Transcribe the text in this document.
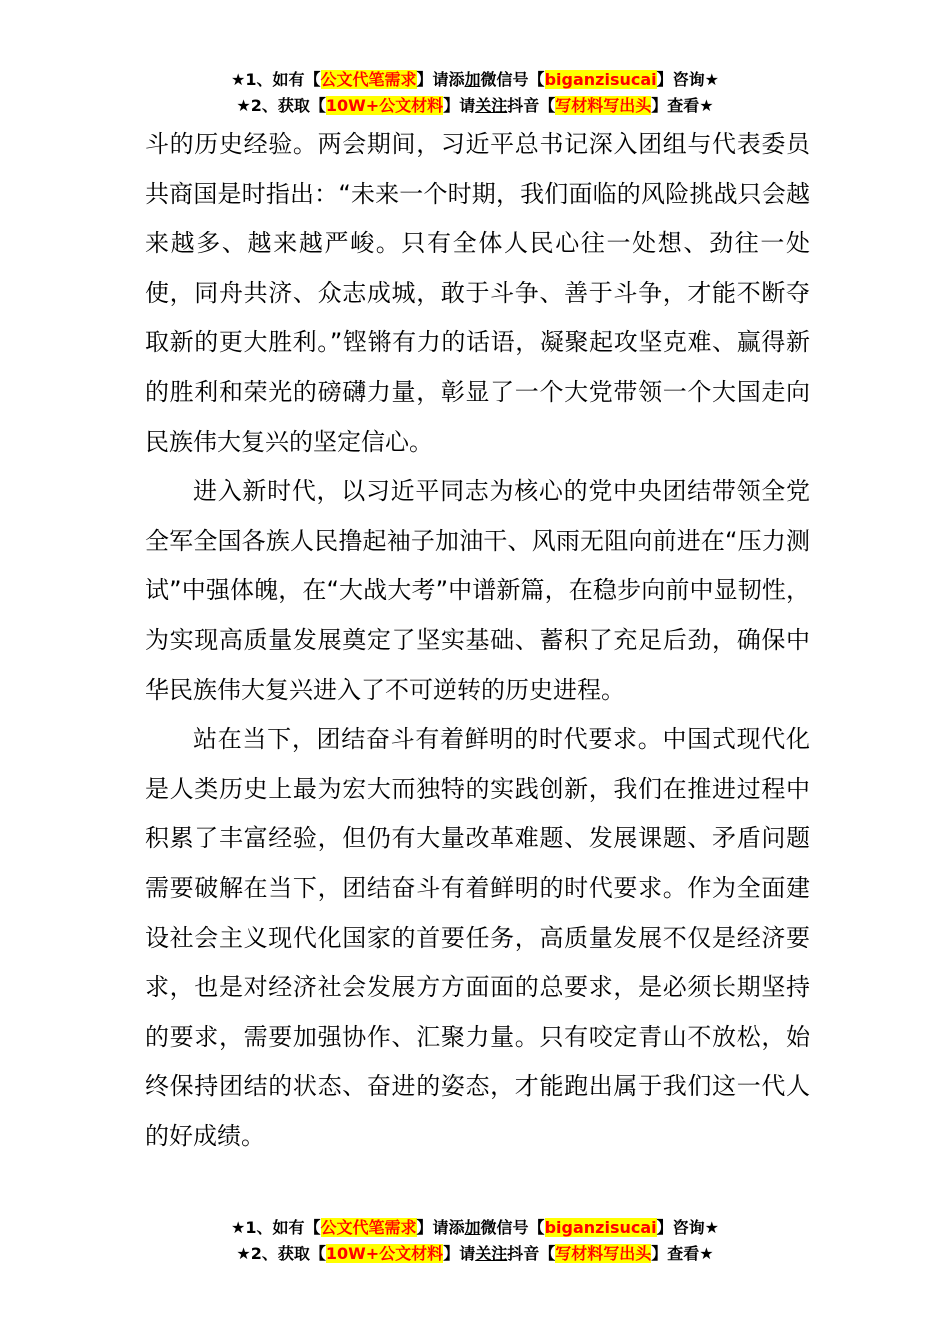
★1、如有【公文代笔需求】请添加微信号【biganzisucai】咨询★
★2、获取【10W+公文材料】请关注抖音【写材料写出头】查看★

斗的历史经验。两会期间，习近平总书记深入团组与代表委员共商国是时指出：“未来一个时期，我们面临的风险挑战只会越来越多、越来越严峻。只有全体人民心往一处想、劲往一处使，同舟共济、众志成城，敢于斗争、善于斗争，才能不断夺取新的更大胜利。”铿锵有力的话语，凝聚起攻坚克难、赢得新的胜利和荣光的磅礴力量，彰显了一个大党带领一个大国走向民族伟大复兴的坚定信心。

进入新时代，以习近平同志为核心的党中央团结带领全党全军全国各族人民撸起袖子加油干、风雨无阻向前进在“压力测试”中强体魄，在“大战大考”中谱新篇，在稳步向前中显韧性，为实现高质量发展奠定了坚实基础、蓄积了充足后劲，确保中华民族伟大复兴进入了不可逆转的历史进程。

站在当下，团结奋斗有着鲜明的时代要求。中国式现代化是人类历史上最为宏大而独特的实践创新，我们在推进过程中积累了丰富经验，但仍有大量改革难题、发展课题、矛盾问题需要破解在当下，团结奋斗有着鲜明的时代要求。作为全面建设社会主义现代化国家的首要任务，高质量发展不仅是经济要求，也是对经济社会发展方方面面的总要求，是必须长期坚持的要求，需要加强协作、汇聚力量。只有咬定青山不放松，始终保持团结的状态、奋进的姿态，才能跑出属于我们这一代人的好成绩。

★1、如有【公文代笔需求】请添加微信号【biganzisucai】咨询★
★2、获取【10W+公文材料】请关注抖音【写材料写出头】查看★
